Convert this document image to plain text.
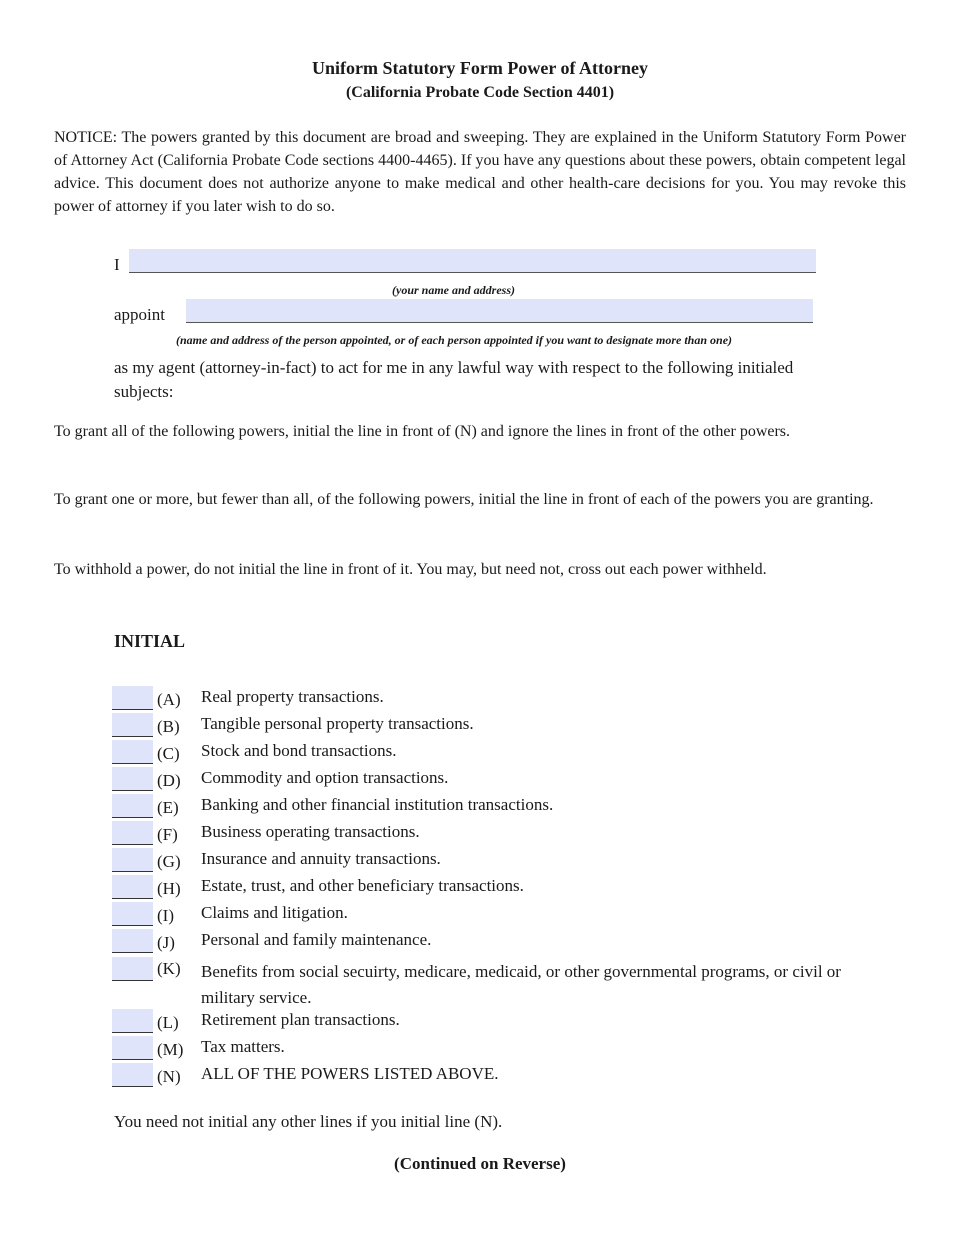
Uniform Statutory Form Power of Attorney
(California Probate Code Section 4401)
NOTICE: The powers granted by this document are broad and sweeping. They are explained in the Uniform Statutory Form Power of Attorney Act (California Probate Code sections 4400-4465). If you have any questions about these powers, obtain competent legal advice. This document does not authorize anyone to make medical and other health-care decisions for you. You may revoke this power of attorney if you later wish to do so.
I
(your name and address)
appoint
(name and address of the person appointed, or of each person appointed if you want to designate more than one)
as my agent (attorney-in-fact) to act for me in any lawful way with respect to the following initialed subjects:
To grant all of the following powers, initial the line in front of (N) and ignore the lines in front of the other powers.
To grant one or more, but fewer than all, of the following powers, initial the line in front of each of the powers you are granting.
To withhold a power, do not initial the line in front of it. You may, but need not, cross out each power withheld.
INITIAL
(A)	Real property transactions.
(B)	Tangible personal property transactions.
(C)	Stock and bond transactions.
(D)	Commodity and option transactions.
(E)	Banking and other financial institution transactions.
(F)	Business operating transactions.
(G)	Insurance and annuity transactions.
(H)	Estate, trust, and other beneficiary transactions.
(I)	Claims and litigation.
(J)	Personal and family maintenance.
(K)	Benefits from social secuirty, medicare, medicaid, or other governmental programs, or civil or military service.
(L)	Retirement plan transactions.
(M)	Tax matters.
(N)	ALL OF THE POWERS LISTED ABOVE.
You need not initial any other lines if you initial line (N).
(Continued on Reverse)
